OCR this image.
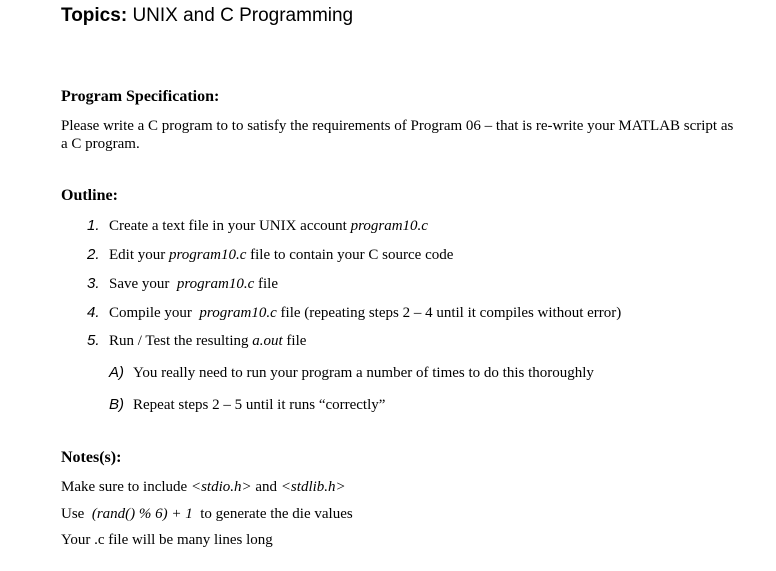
Topics: UNIX and C Programming
Program Specification:
Please write a C program to to satisfy the requirements of Program 06 – that is re-write your MATLAB script as a C program.
Outline:
1. Create a text file in your UNIX account program10.c
2. Edit your program10.c file to contain your C source code
3. Save your  program10.c file
4. Compile your  program10.c file (repeating steps 2 – 4 until it compiles without error)
5. Run / Test the resulting a.out file
A) You really need to run your program a number of times to do this thoroughly
B) Repeat steps 2 – 5 until it runs “correctly”
Notes(s):
Make sure to include <stdio.h> and <stdlib.h>
Use  (rand() % 6) + 1  to generate the die values
Your .c file will be many lines long
